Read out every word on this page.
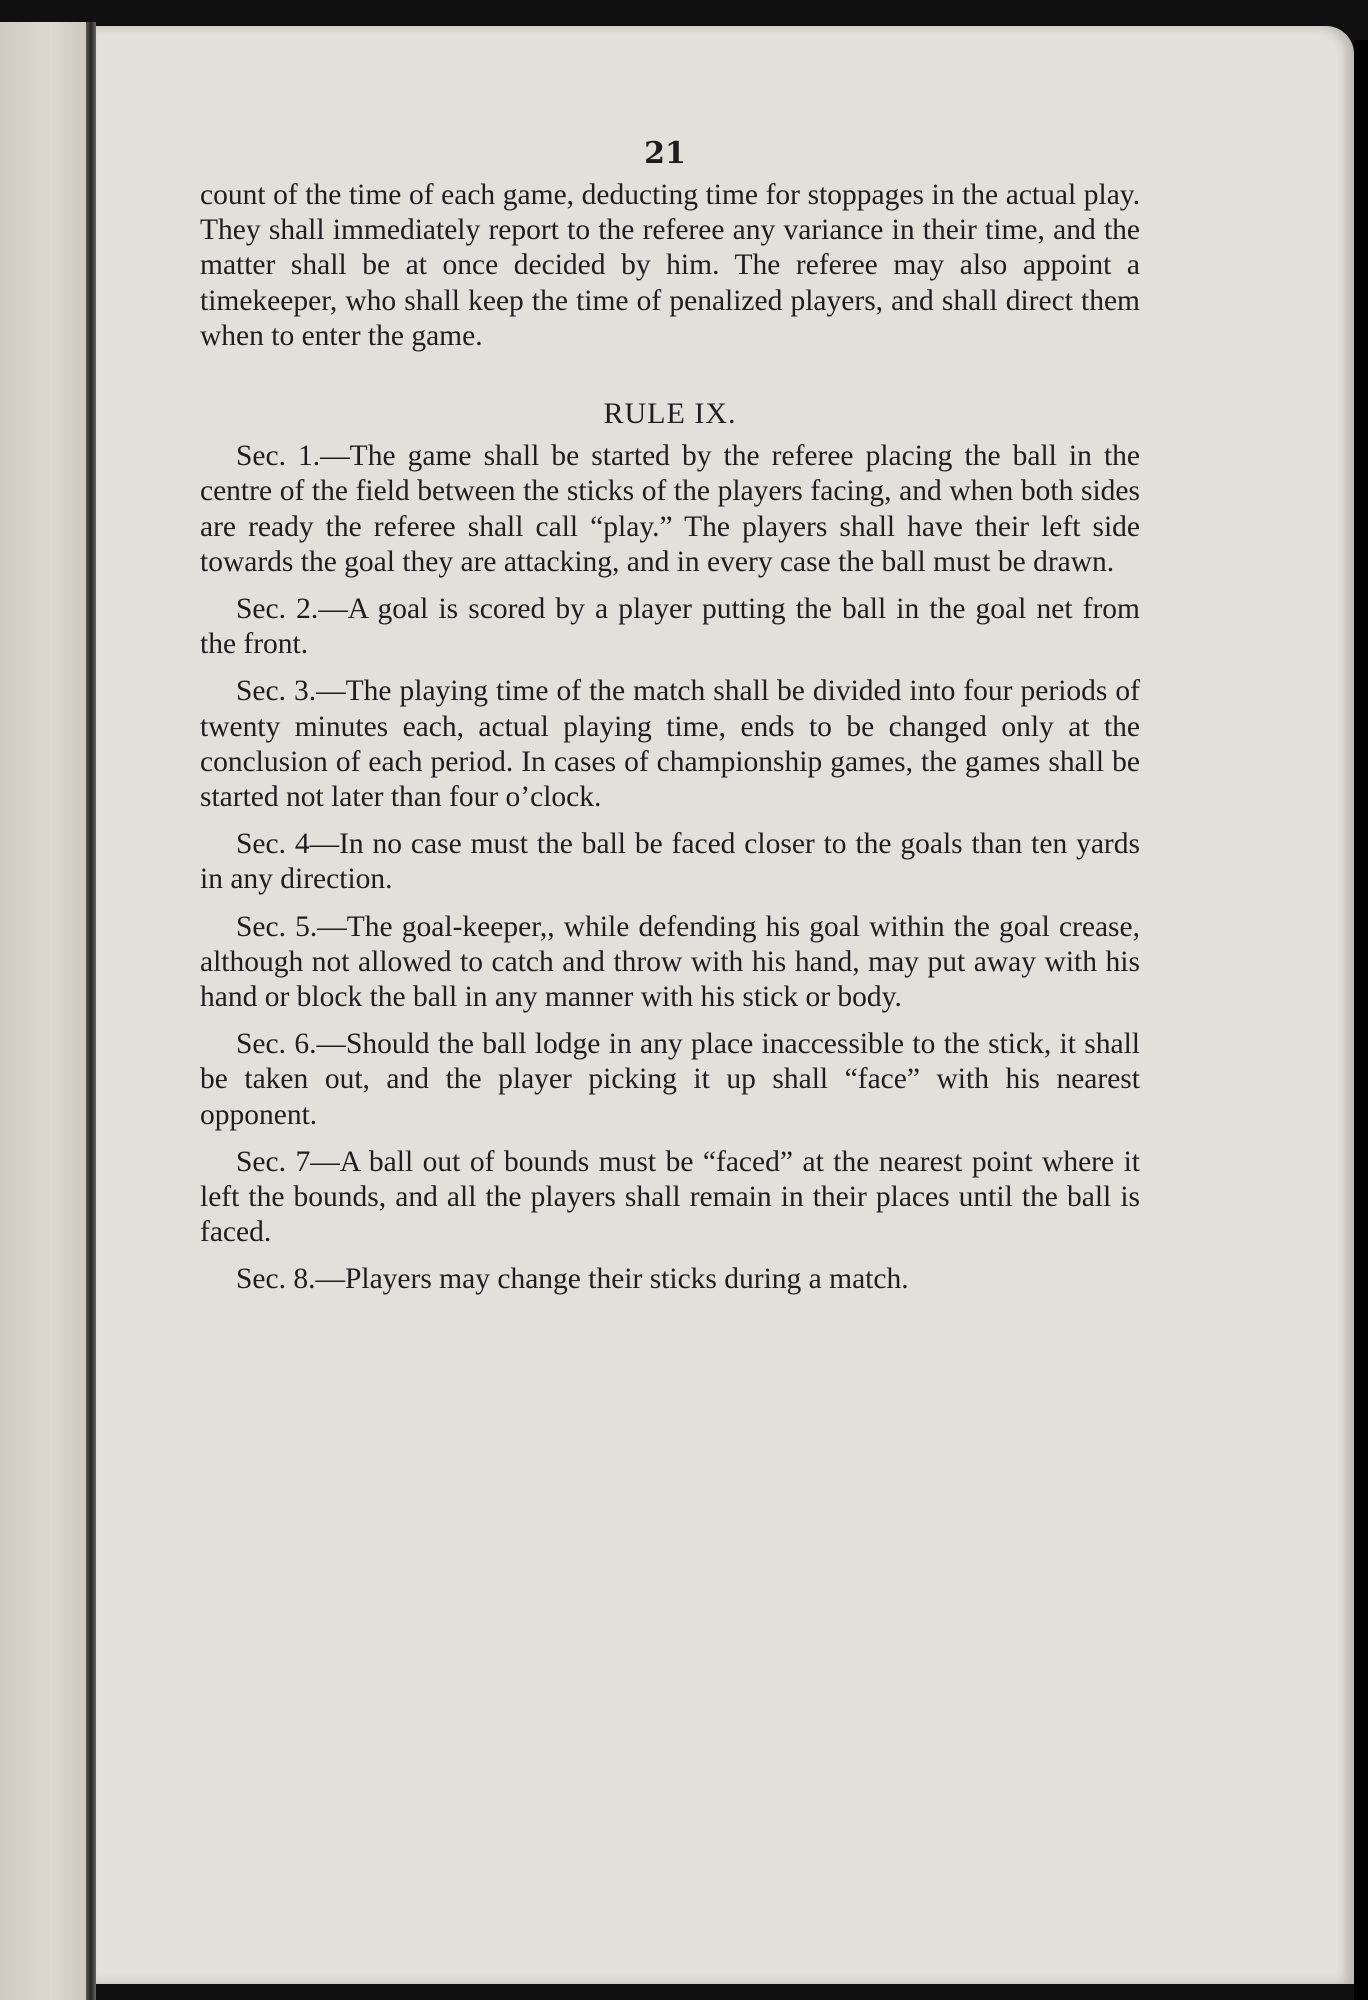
21

count of the time of each game, deducting time for stoppages in the actual play. They shall immediately report to the referee any variance in their time, and the matter shall be at once decided by him. The referee may also appoint a timekeeper, who shall keep the time of penalized players, and shall direct them when to enter the game.

RULE IX.

Sec. 1.—The game shall be started by the referee placing the ball in the centre of the field between the sticks of the players facing, and when both sides are ready the referee shall call “play.” The players shall have their left side towards the goal they are attacking, and in every case the ball must be drawn.

Sec. 2.—A goal is scored by a player putting the ball in the goal net from the front.

Sec. 3.—The playing time of the match shall be divided into four periods of twenty minutes each, actual playing time, ends to be changed only at the conclusion of each period. In cases of championship games, the games shall be started not later than four o’clock.

Sec. 4—In no case must the ball be faced closer to the goals than ten yards in any direction.

Sec. 5.—The goal-keeper,, while defending his goal within the goal crease, although not allowed to catch and throw with his hand, may put away with his hand or block the ball in any manner with his stick or body.

Sec. 6.—Should the ball lodge in any place inaccessible to the stick, it shall be taken out, and the player picking it up shall “face” with his nearest opponent.

Sec. 7—A ball out of bounds must be “faced” at the nearest point where it left the bounds, and all the players shall remain in their places until the ball is faced.

Sec. 8.—Players may change their sticks during a match.
